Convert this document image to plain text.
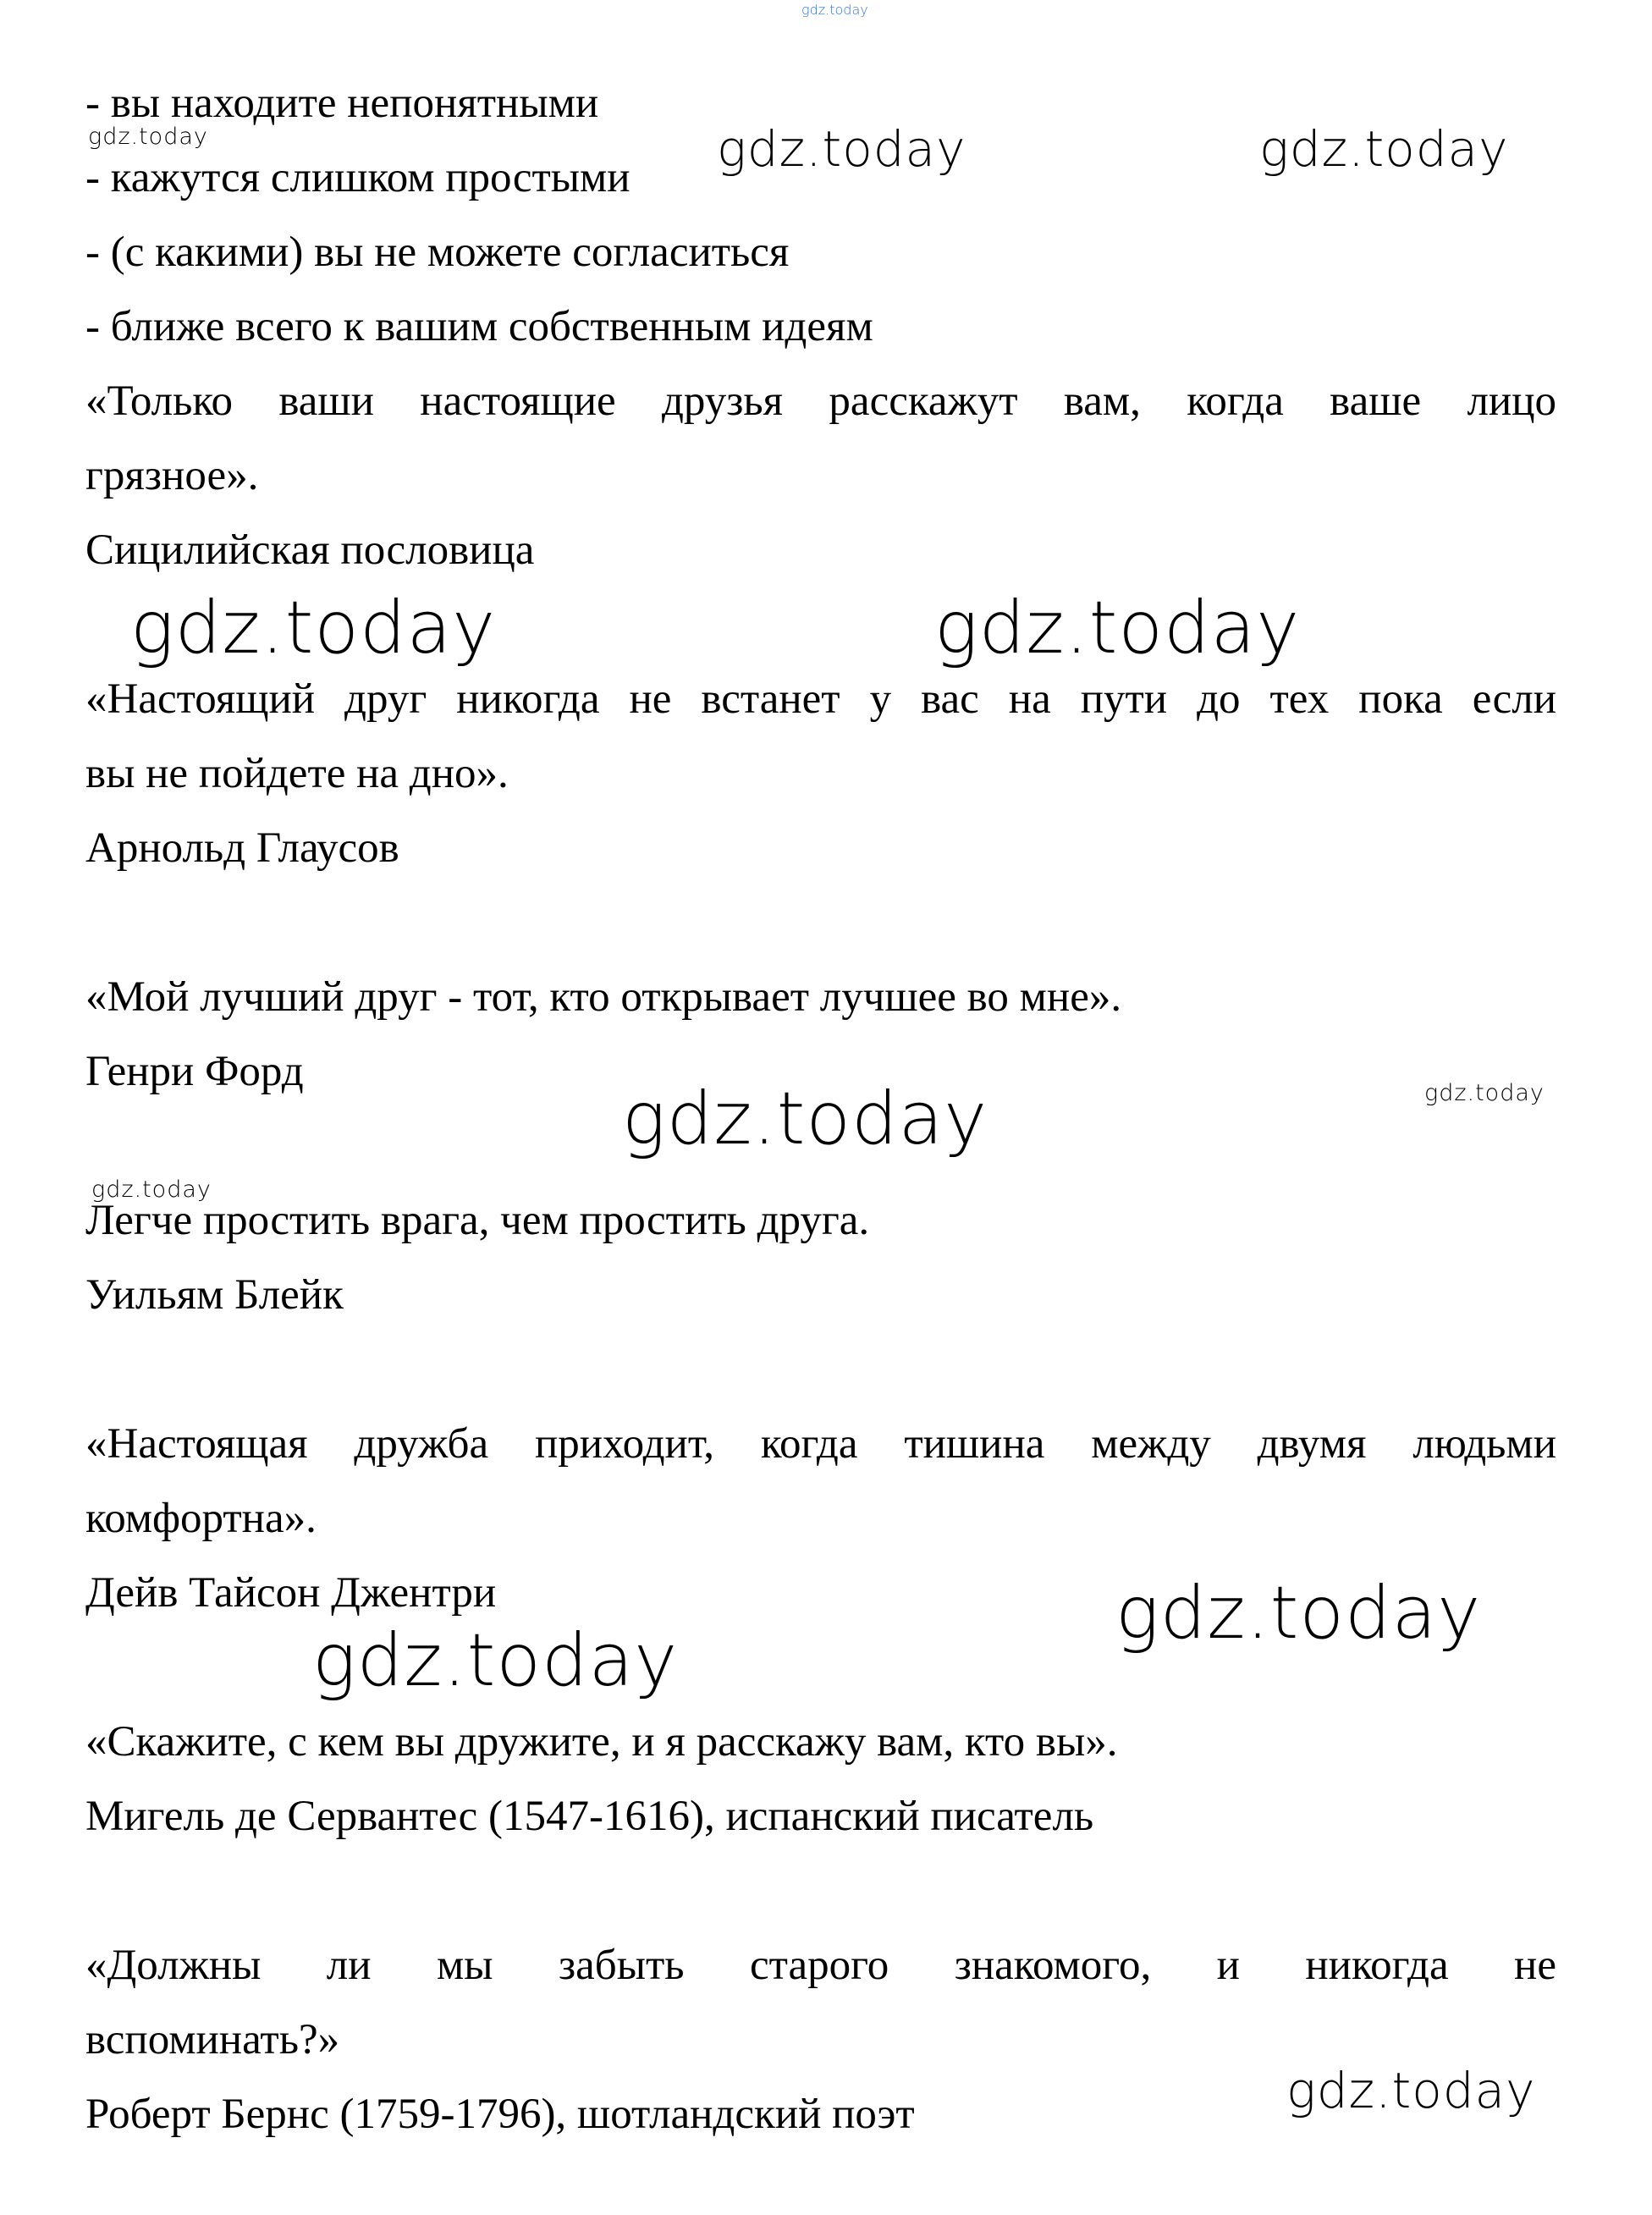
gdz.today
- вы находите непонятными
- кажутся слишком простыми
- (с какими) вы не можете согласиться
- ближе всего к вашим собственным идеям
«Только ваши настоящие друзья расскажут вам, когда ваше лицо
грязное».
Сицилийская пословица
«Настоящий друг никогда не встанет у вас на пути до тех пока если
вы не пойдете на дно».
Арнольд Глаусов
«Мой лучший друг - тот, кто открывает лучшее во мне».
Генри Форд
Легче простить врага, чем простить друга.
Уильям Блейк
«Настоящая дружба приходит, когда тишина между двумя людьми
комфортна».
Дейв Тайсон Джентри
«Скажите, с кем вы дружите, и я расскажу вам, кто вы».
Мигель де Сервантес (1547-1616), испанский писатель
«Должны ли мы забыть старого знакомого, и никогда не
вспоминать?»
Роберт Бернс (1759-1796), шотландский поэт
gdz.today	gdz.today	gdz.today
gdz.today	gdz.today
gdz.today	gdz.today
gdz.today
gdz.today
gdz.today
gdz.today
